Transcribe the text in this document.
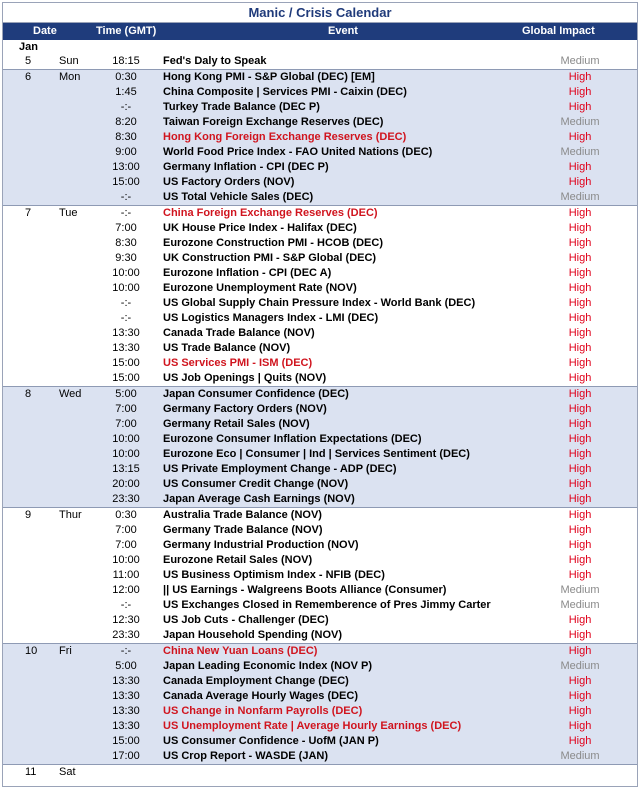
Manic / Crisis Calendar
Date	Time (GMT)	Event	Global Impact Potential
Jan
5	Sun	18:15	Fed's Daly to Speak	Medium
6	Mon	0:30	Hong Kong PMI - S&P Global (DEC) [EM]	High
1:45	China Composite | Services PMI - Caixin (DEC)	High
-:-	Turkey Trade Balance (DEC P)	High
8:20	Taiwan Foreign Exchange Reserves (DEC)	Medium
8:30	Hong Kong Foreign Exchange Reserves (DEC)	High
9:00	World Food Price Index - FAO United Nations (DEC)	Medium
13:00	Germany Inflation - CPI (DEC P)	High
15:00	US Factory Orders (NOV)	High
-:-	US Total Vehicle Sales (DEC)	Medium
7	Tue	-:-	China Foreign Exchange Reserves (DEC)	High
7:00	UK House Price Index - Halifax (DEC)	High
8:30	Eurozone Construction PMI - HCOB (DEC)	High
9:30	UK Construction PMI - S&P Global (DEC)	High
10:00	Eurozone Inflation - CPI (DEC A)	High
10:00	Eurozone Unemployment Rate (NOV)	High
-:-	US Global Supply Chain Pressure Index - World Bank (DEC)	High
-:-	US Logistics Managers Index - LMI (DEC)	High
13:30	Canada Trade Balance (NOV)	High
13:30	US Trade Balance (NOV)	High
15:00	US Services PMI - ISM (DEC)	High
15:00	US Job Openings | Quits (NOV)	High
8	Wed	5:00	Japan Consumer Confidence (DEC)	High
7:00	Germany Factory Orders (NOV)	High
7:00	Germany Retail Sales (NOV)	High
10:00	Eurozone Consumer Inflation Expectations (DEC)	High
10:00	Eurozone Eco | Consumer | Ind | Services Sentiment (DEC)	High
13:15	US Private Employment Change - ADP (DEC)	High
20:00	US Consumer Credit Change (NOV)	High
23:30	Japan Average Cash Earnings (NOV)	High
9	Thur	0:30	Australia Trade Balance (NOV)	High
7:00	Germany Trade Balance (NOV)	High
7:00	Germany Industrial Production (NOV)	High
10:00	Eurozone Retail Sales (NOV)	High
11:00	US Business Optimism Index - NFIB (DEC)	High
12:00	|| US Earnings - Walgreens Boots Alliance (Consumer)	Medium
-:-	US Exchanges Closed in Rememberence of Pres Jimmy Carter	Medium
12:30	US Job Cuts - Challenger (DEC)	High
23:30	Japan Household Spending (NOV)	High
10 Fri	-:-	China New Yuan Loans (DEC)	High
5:00	Japan Leading Economic Index (NOV P)	Medium
13:30	Canada Employment Change (DEC)	High
13:30	Canada Average Hourly Wages (DEC)	High
13:30	US Change in Nonfarm Payrolls (DEC)	High
13:30	US Unemployment Rate | Average Hourly Earnings (DEC)	High
15:00	US Consumer Confidence - UofM (JAN P)	High
17:00	US Crop Report - WASDE (JAN)	Medium
11 Sat
